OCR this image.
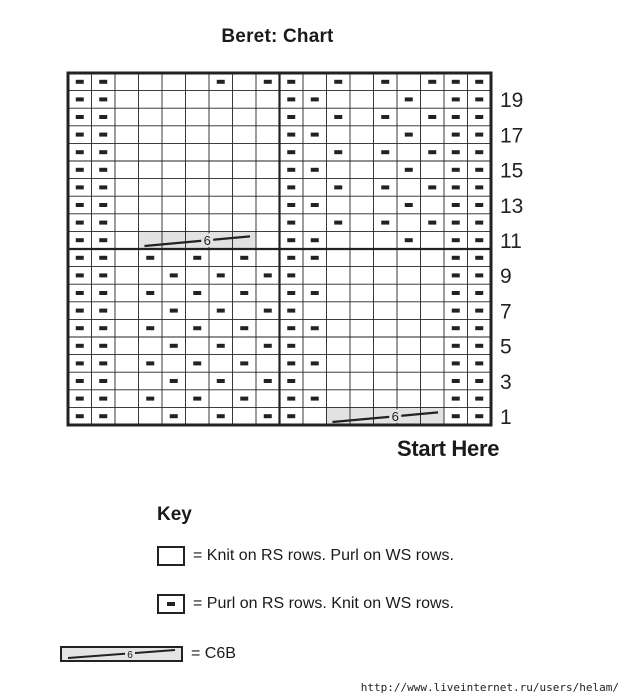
Beret: Chart
6
6
19
17
15
13
11
9
7
5
3
1
Start Here
Key
= Knit on RS rows. Purl on WS rows.
= Purl on RS rows. Knit on WS rows.
6	= C6B
http://www.liveinternet.ru/users/helam/
